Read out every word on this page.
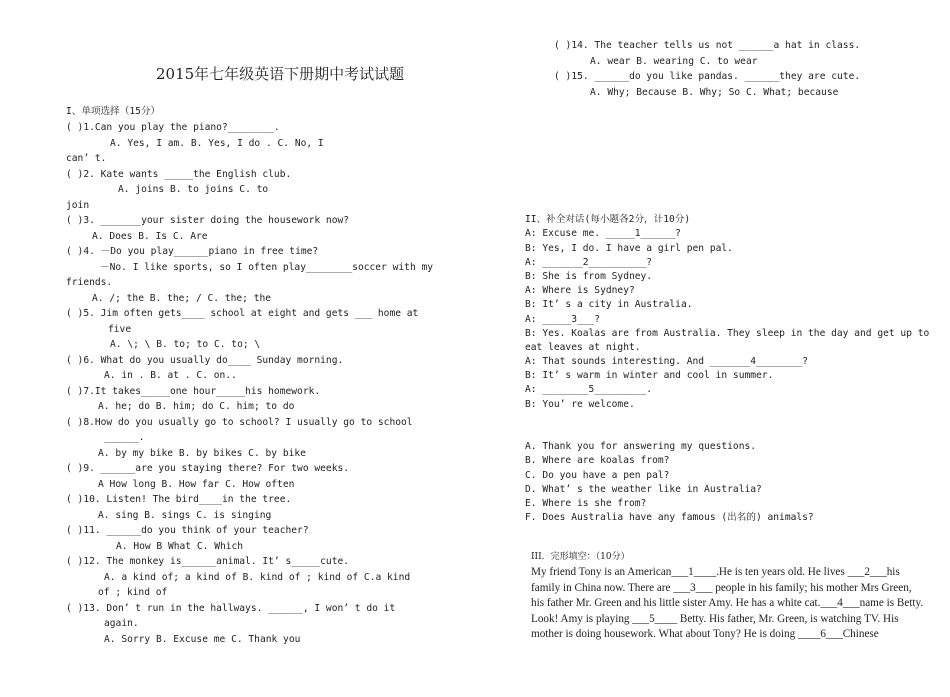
2015年七年级英语下册期中考试试题
I、单项选择（15分）
( )1.Can you play the piano?________.
A. Yes, I am. B. Yes, I do . C. No, I
can’ t.
( )2. Kate wants _____the English club.
A. joins B. to joins C. to
join
( )3. _______your sister doing the housework now?
A. Does B. Is C. Are
( )4. －Do you play______piano in free time?
－No. I like sports, so I often play________soccer with my
friends.
A. /; the B. the; / C. the; the
( )5. Jim often gets____ school at eight and gets ___ home at
five
A. \; \ B. to; to C. to; \
( )6. What do you usually do____ Sunday morning.
A. in . B. at . C. on..
( )7.It takes_____one hour_____his homework.
A. he; do B. him; do C. him; to do
( )8.How do you usually go to school? I usually go to school
______.
A. by my bike B. by bikes C. by bike
( )9. ______are you staying there? For two weeks.
A How long B. How far C. How often
( )10. Listen! The bird____in the tree.
A. sing B. sings C. is singing
( )11. ______do you think of your teacher?
A. How B What C. Which
( )12. The monkey is______animal. It’ s_____cute.
A. a kind of; a kind of B. kind of ; kind of C.a kind
of ; kind of
( )13. Don’ t run in the hallways. ______, I won’ t do it
again.
A. Sorry B. Excuse me C. Thank you
( )14. The teacher tells us not ______a hat in class.
A. wear B. wearing C. to wear
( )15. ______do you like pandas. ______they are cute.
A. Why; Because B. Why; So C. What; because
II、补全对话(每小题各2分，计10分)
A: Excuse me. _____1______?
B: Yes, I do. I have a girl pen pal.
A: _______2__________?
B: She is from Sydney.
A: Where is Sydney?
B: It’ s a city in Australia.
A: _____3___?
B: Yes. Koalas are from Australia. They sleep in the day and get up to
eat leaves at night.
A: That sounds interesting. And _______4________?
B: It’ s warm in winter and cool in summer.
A: ________5_________.
B: You’ re welcome.
A. Thank you for answering my questions.
B. Where are koalas from?
C. Do you have a pen pal?
D. What’ s the weather like in Australia?
E. Where is she from?
F. Does Australia have any famous (出名的) animals?
III．完形填空：（10分）
My friend Tony is an American___1____.He is ten years old. He lives ___2___his
family in China now. There are ___3___ people in his family; his mother Mrs Green,
his father Mr. Green and his little sister Amy. He has a white cat.___4___name is Betty.
Look! Amy is playing ___5____ Betty. His father, Mr. Green, is watching TV. His
mother is doing housework. What about Tony? He is doing ____6___Chinese
